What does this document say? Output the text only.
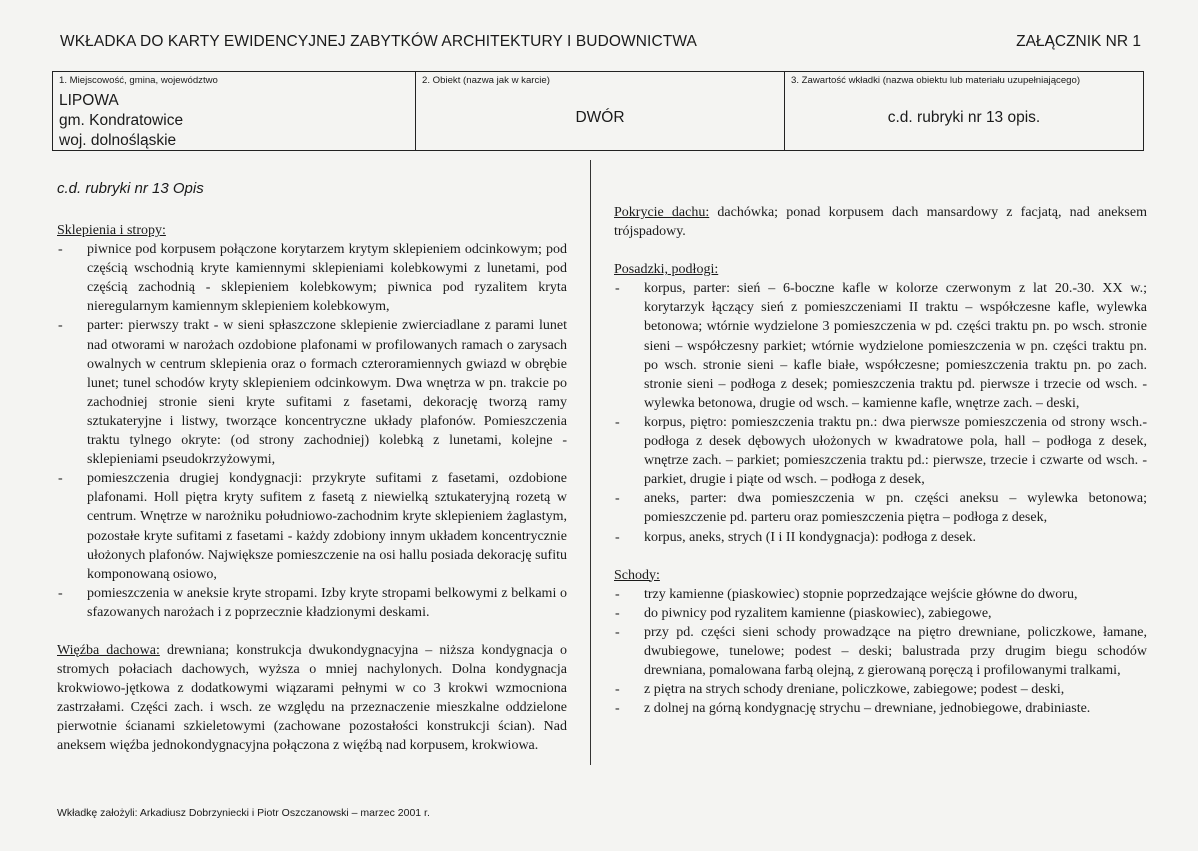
WKŁADKA DO KARTY EWIDENCYJNEJ ZABYTKÓW ARCHITEKTURY I BUDOWNICTWA	ZAŁĄCZNIK NR 1
1. Miejscowość, gmina, województwo
LIPOWA
gm. Kondratowice
woj. dolnośląskie
2. Obiekt (nazwa jak w karcie)
DWÓR
3. Zawartość wkładki (nazwa obiektu lub materiału uzupełniającego)
c.d. rubryki nr 13 opis.
c.d. rubryki nr 13 Opis
Sklepienia i stropy:
- piwnice pod korpusem połączone korytarzem krytym sklepieniem odcinkowym; pod częścią wschodnią kryte kamiennymi sklepieniami kolebkowymi z lunetami, pod częścią zachodnią - sklepieniem kolebkowym; piwnica pod ryzalitem kryta nieregularnym kamiennym sklepieniem kolebkowym,
- parter: pierwszy trakt - w sieni spłaszczone sklepienie zwierciadlane z parami lunet nad otworami w narożach ozdobione plafonami w profilowanych ramach o zarysach owalnych w centrum sklepienia oraz o formach czteroramiennych gwiazd w obrębie lunet; tunel schodów kryty sklepieniem odcinkowym. Dwa wnętrza w pn. trakcie po zachodniej stronie sieni kryte sufitami z fasetami, dekorację tworzą ramy sztukateryjne i listwy, tworzące koncentryczne układy plafonów. Pomieszczenia traktu tylnego okryte: (od strony zachodniej) kolebką z lunetami, kolejne - sklepieniami pseudokrzyżowymi,
- pomieszczenia drugiej kondygnacji: przykryte sufitami z fasetami, ozdobione plafonami. Holl piętra kryty sufitem z fasetą z niewielką sztukateryjną rozetą w centrum. Wnętrze w narożniku południowo-zachodnim kryte sklepieniem żaglastym, pozostałe kryte sufitami z fasetami - każdy zdobiony innym układem koncentrycznie ułożonych plafonów. Największe pomieszczenie na osi hallu posiada dekorację sufitu komponowaną osiowo,
- pomieszczenia w aneksie kryte stropami. Izby kryte stropami belkowymi z belkami o sfazowanych narożach i z poprzecznie kładzionymi deskami.
Więźba dachowa: drewniana; konstrukcja dwukondygnacyjna – niższa kondygnacja o stromych połaciach dachowych, wyższa o mniej nachylonych. Dolna kondygnacja krokwiowo-jętkowa z dodatkowymi wiązarami pełnymi w co 3 krokwi wzmocniona zastrzałami. Części zach. i wsch. ze względu na przeznaczenie mieszkalne oddzielone pierwotnie ścianami szkieletowymi (zachowane pozostałości konstrukcji ścian). Nad aneksem więźba jednokondygnacyjna połączona z więźbą nad korpusem, krokwiowa.
Pokrycie dachu: dachówka; ponad korpusem dach mansardowy z facjatą, nad aneksem trójspadowy.
Posadzki, podłogi:
- korpus, parter: sień – 6-boczne kafle w kolorze czerwonym z lat 20.-30. XX w.; korytarzyk łączący sień z pomieszczeniami II traktu – współczesne kafle, wylewka betonowa; wtórnie wydzielone 3 pomieszczenia w pd. części traktu pn. po wsch. stronie sieni – współczesny parkiet; wtórnie wydzielone pomieszczenia w pn. części traktu pn. po wsch. stronie sieni – kafle białe, współczesne; pomieszczenia traktu pn. po zach. stronie sieni – podłoga z desek; pomieszczenia traktu pd. pierwsze i trzecie od wsch. - wylewka betonowa, drugie od wsch. – kamienne kafle, wnętrze zach. – deski,
- korpus, piętro: pomieszczenia traktu pn.: dwa pierwsze pomieszczenia od strony wsch.- podłoga z desek dębowych ułożonych w kwadratowe pola, hall – podłoga z desek, wnętrze zach. – parkiet; pomieszczenia traktu pd.: pierwsze, trzecie i czwarte od wsch. - parkiet, drugie i piąte od wsch. – podłoga z desek,
- aneks, parter: dwa pomieszczenia w pn. części aneksu – wylewka betonowa; pomieszczenie pd. parteru oraz pomieszczenia piętra – podłoga z desek,
- korpus, aneks, strych (I i II kondygnacja): podłoga z desek.
Schody:
- trzy kamienne (piaskowiec) stopnie poprzedzające wejście główne do dworu,
- do piwnicy pod ryzalitem kamienne (piaskowiec), zabiegowe,
- przy pd. części sieni schody prowadzące na piętro drewniane, policzkowe, łamane, dwubiegowe, tunelowe; podest – deski; balustrada przy drugim biegu schodów drewniana, pomalowana farbą olejną, z gierowaną poręczą i profilowanymi tralkami,
- z piętra na strych schody dreniane, policzkowe, zabiegowe; podest – deski,
- z dolnej na górną kondygnację strychu – drewniane, jednobiegowe, drabiniaste.
Wkładkę założyli: Arkadiusz Dobrzyniecki i Piotr Oszczanowski – marzec 2001 r.
